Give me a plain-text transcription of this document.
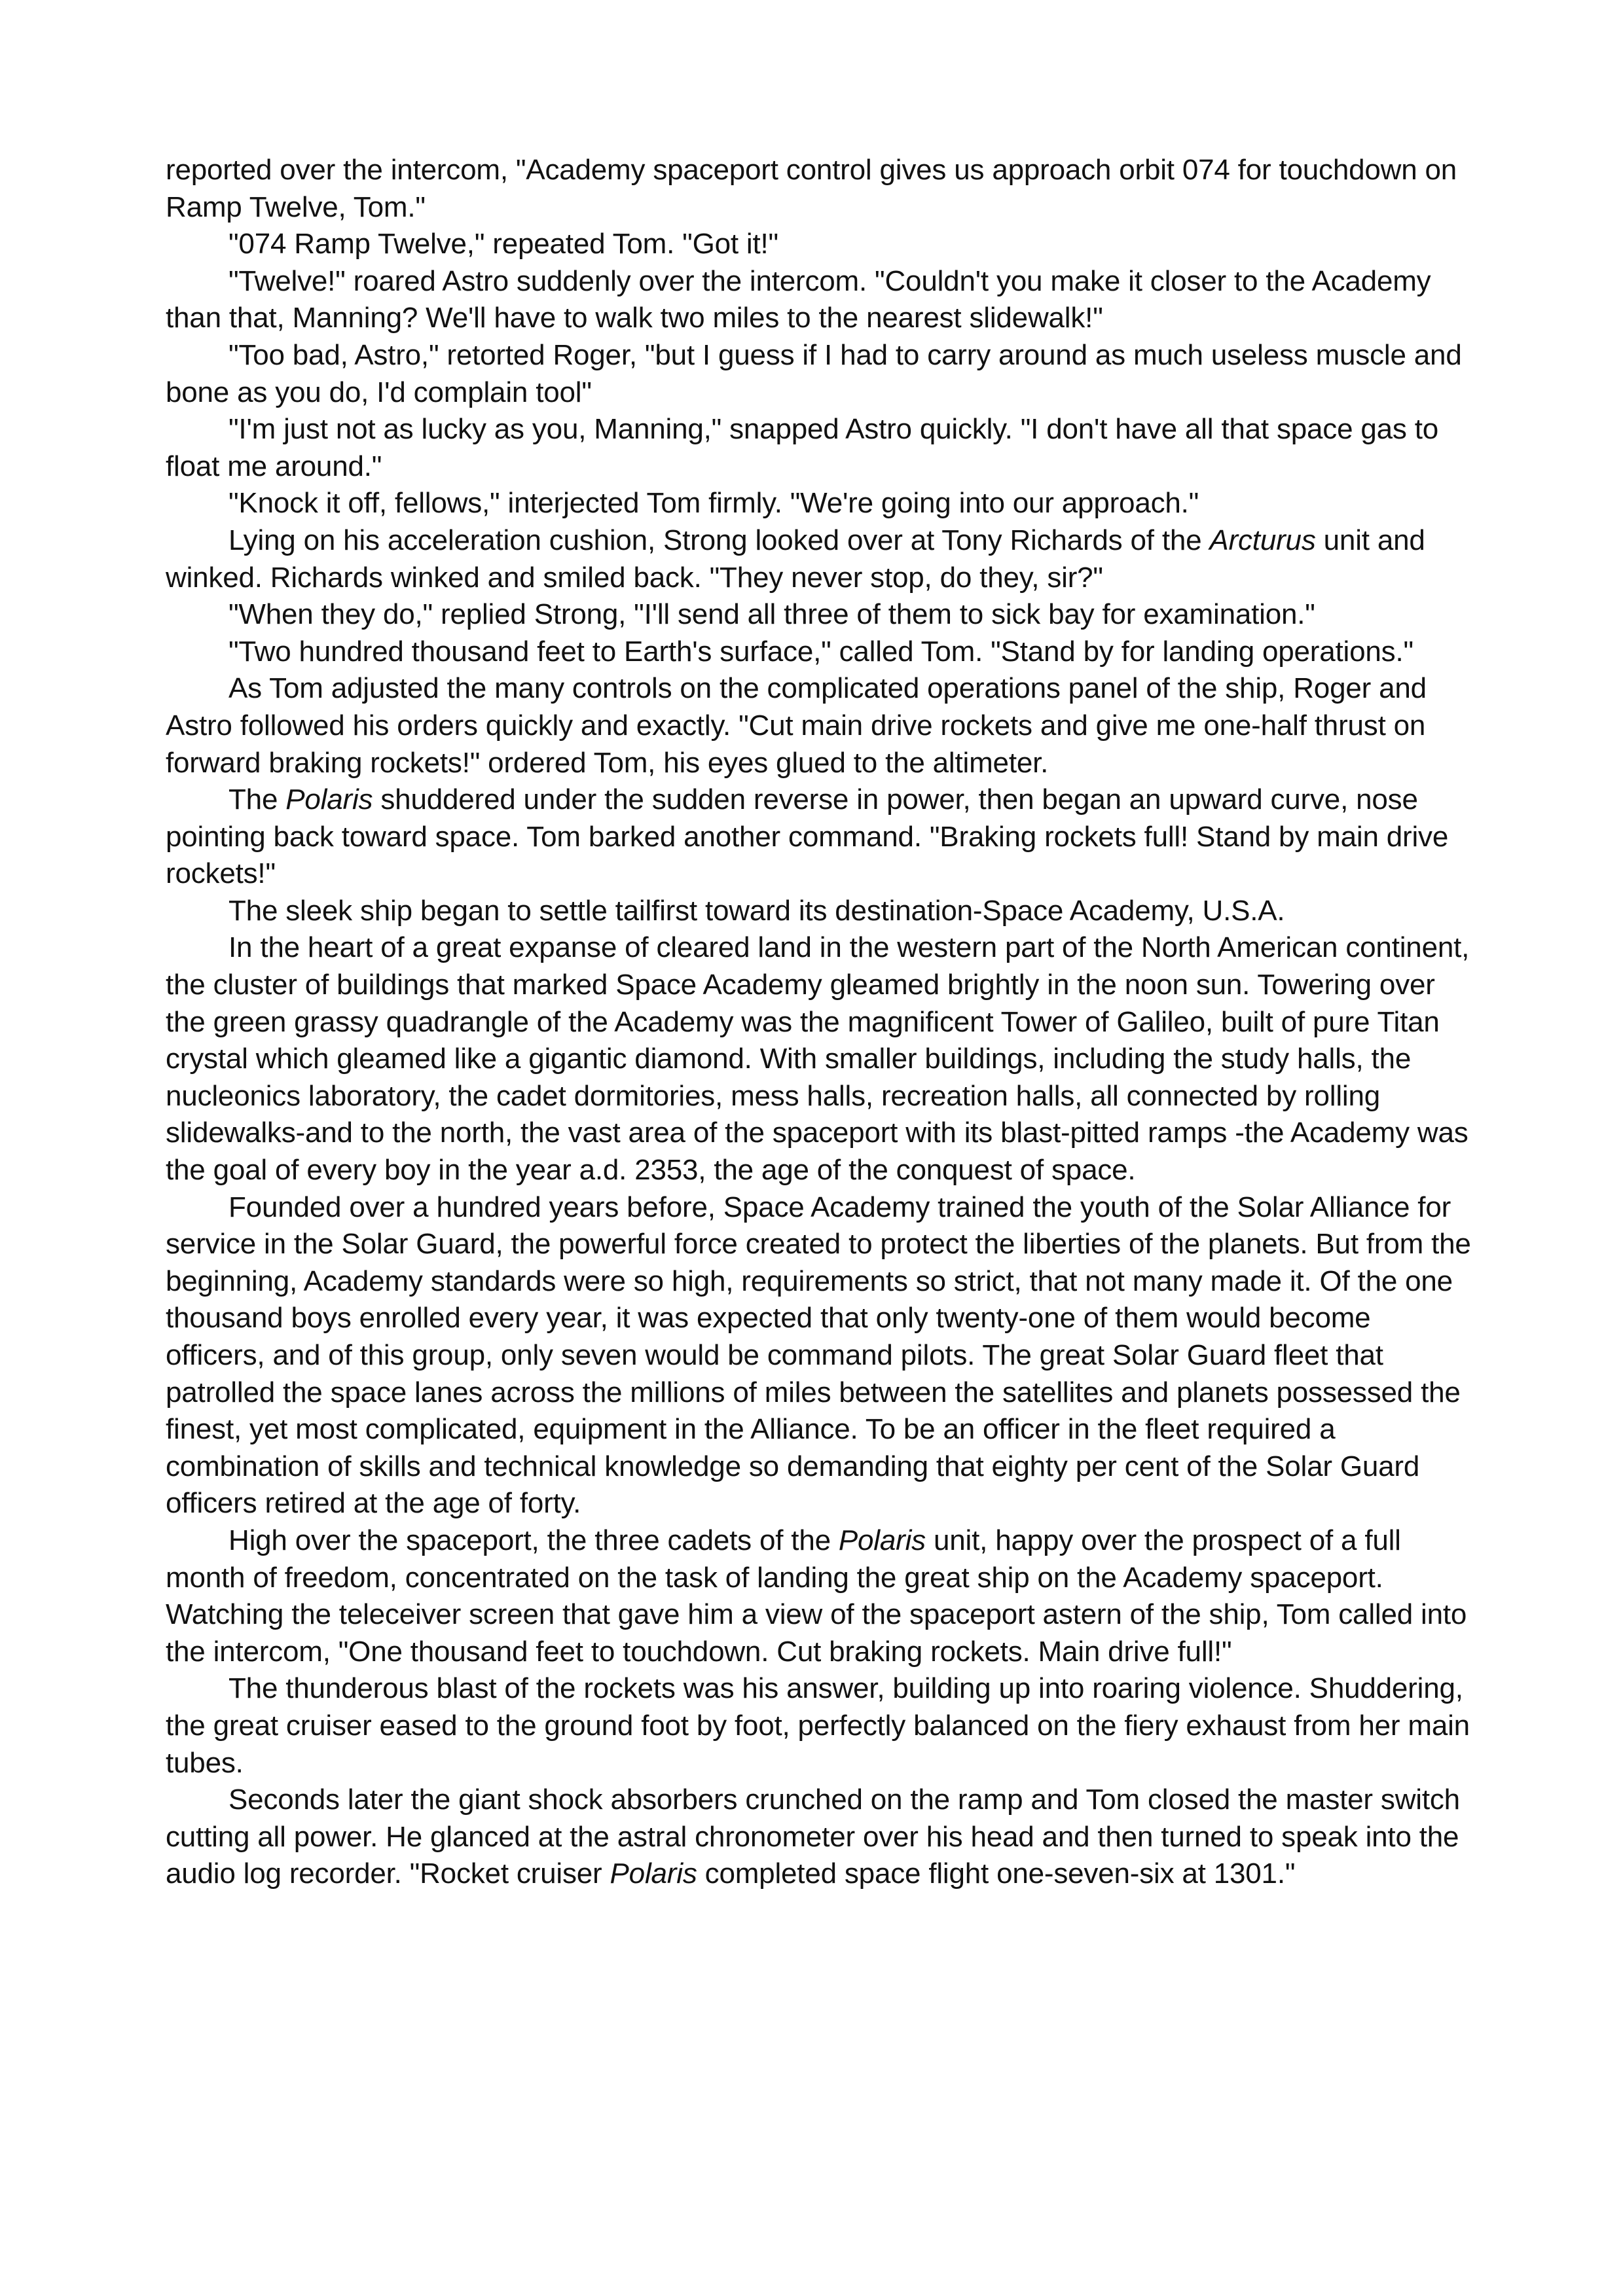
reported over the intercom, "Academy spaceport control gives us approach orbit 074 for touchdown on Ramp Twelve, Tom."

"074 Ramp Twelve," repeated Tom. "Got it!"

"Twelve!" roared Astro suddenly over the intercom. "Couldn't you make it closer to the Academy than that, Manning? We'll have to walk two miles to the nearest slidewalk!"

"Too bad, Astro," retorted Roger, "but I guess if I had to carry around as much useless muscle and bone as you do, I'd complain tool"

"I'm just not as lucky as you, Manning," snapped Astro quickly. "I don't have all that space gas to float me around."

"Knock it off, fellows," interjected Tom firmly. "We're going into our approach."

Lying on his acceleration cushion, Strong looked over at Tony Richards of the Arcturus unit and winked. Richards winked and smiled back. "They never stop, do they, sir?"

"When they do," replied Strong, "I'll send all three of them to sick bay for examination."

"Two hundred thousand feet to Earth's surface," called Tom. "Stand by for landing operations."

As Tom adjusted the many controls on the complicated operations panel of the ship, Roger and Astro followed his orders quickly and exactly. "Cut main drive rockets and give me one-half thrust on forward braking rockets!" ordered Tom, his eyes glued to the altimeter.

The Polaris shuddered under the sudden reverse in power, then began an upward curve, nose pointing back toward space. Tom barked another command. "Braking rockets full! Stand by main drive rockets!"

The sleek ship began to settle tailfirst toward its destination-Space Academy, U.S.A.

In the heart of a great expanse of cleared land in the western part of the North American continent, the cluster of buildings that marked Space Academy gleamed brightly in the noon sun. Towering over the green grassy quadrangle of the Academy was the magnificent Tower of Galileo, built of pure Titan crystal which gleamed like a gigantic diamond. With smaller buildings, including the study halls, the nucleonics laboratory, the cadet dormitories, mess halls, recreation halls, all connected by rolling slidewalks-and to the north, the vast area of the spaceport with its blast-pitted ramps -the Academy was the goal of every boy in the year a.d. 2353, the age of the conquest of space.

Founded over a hundred years before, Space Academy trained the youth of the Solar Alliance for service in the Solar Guard, the powerful force created to protect the liberties of the planets. But from the beginning, Academy standards were so high, requirements so strict, that not many made it. Of the one thousand boys enrolled every year, it was expected that only twenty-one of them would become officers, and of this group, only seven would be command pilots. The great Solar Guard fleet that patrolled the space lanes across the millions of miles between the satellites and planets possessed the finest, yet most complicated, equipment in the Alliance. To be an officer in the fleet required a combination of skills and technical knowledge so demanding that eighty per cent of the Solar Guard officers retired at the age of forty.

High over the spaceport, the three cadets of the Polaris unit, happy over the prospect of a full month of freedom, concentrated on the task of landing the great ship on the Academy spaceport. Watching the teleceiver screen that gave him a view of the spaceport astern of the ship, Tom called into the intercom, "One thousand feet to touchdown. Cut braking rockets. Main drive full!"

The thunderous blast of the rockets was his answer, building up into roaring violence. Shuddering, the great cruiser eased to the ground foot by foot, perfectly balanced on the fiery exhaust from her main tubes.

Seconds later the giant shock absorbers crunched on the ramp and Tom closed the master switch cutting all power. He glanced at the astral chronometer over his head and then turned to speak into the audio log recorder. "Rocket cruiser Polaris completed space flight one-seven-six at 1301."
